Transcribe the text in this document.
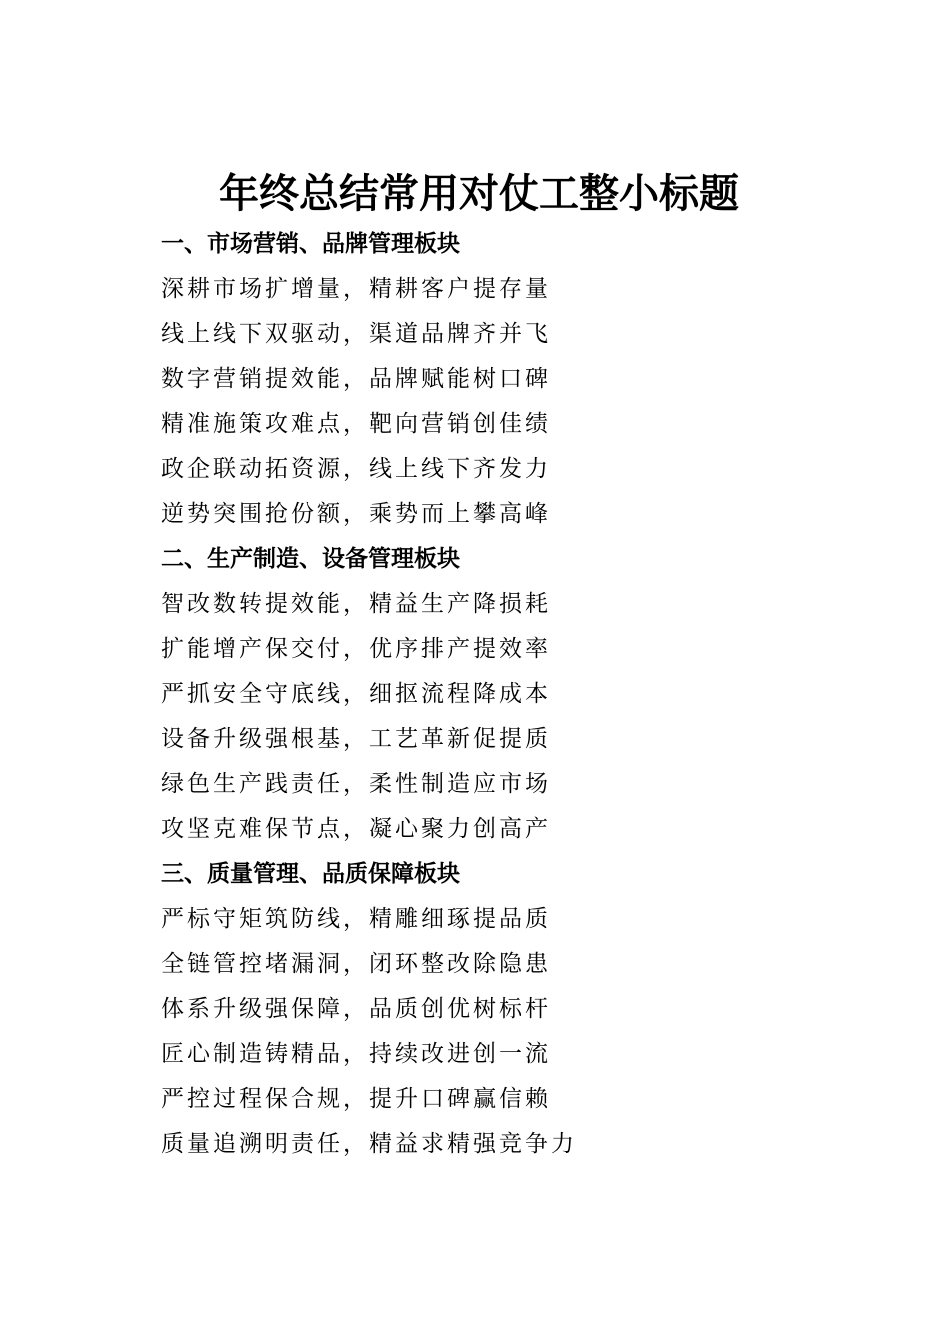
年终总结常用对仗工整小标题
一、市场营销、品牌管理板块
深耕市场扩增量，精耕客户提存量
线上线下双驱动，渠道品牌齐并飞
数字营销提效能，品牌赋能树口碑
精准施策攻难点，靶向营销创佳绩
政企联动拓资源，线上线下齐发力
逆势突围抢份额，乘势而上攀高峰
二、生产制造、设备管理板块
智改数转提效能，精益生产降损耗
扩能增产保交付，优序排产提效率
严抓安全守底线，细抠流程降成本
设备升级强根基，工艺革新促提质
绿色生产践责任，柔性制造应市场
攻坚克难保节点，凝心聚力创高产
三、质量管理、品质保障板块
严标守矩筑防线，精雕细琢提品质
全链管控堵漏洞，闭环整改除隐患
体系升级强保障，品质创优树标杆
匠心制造铸精品，持续改进创一流
严控过程保合规，提升口碑赢信赖
质量追溯明责任，精益求精强竞争力
